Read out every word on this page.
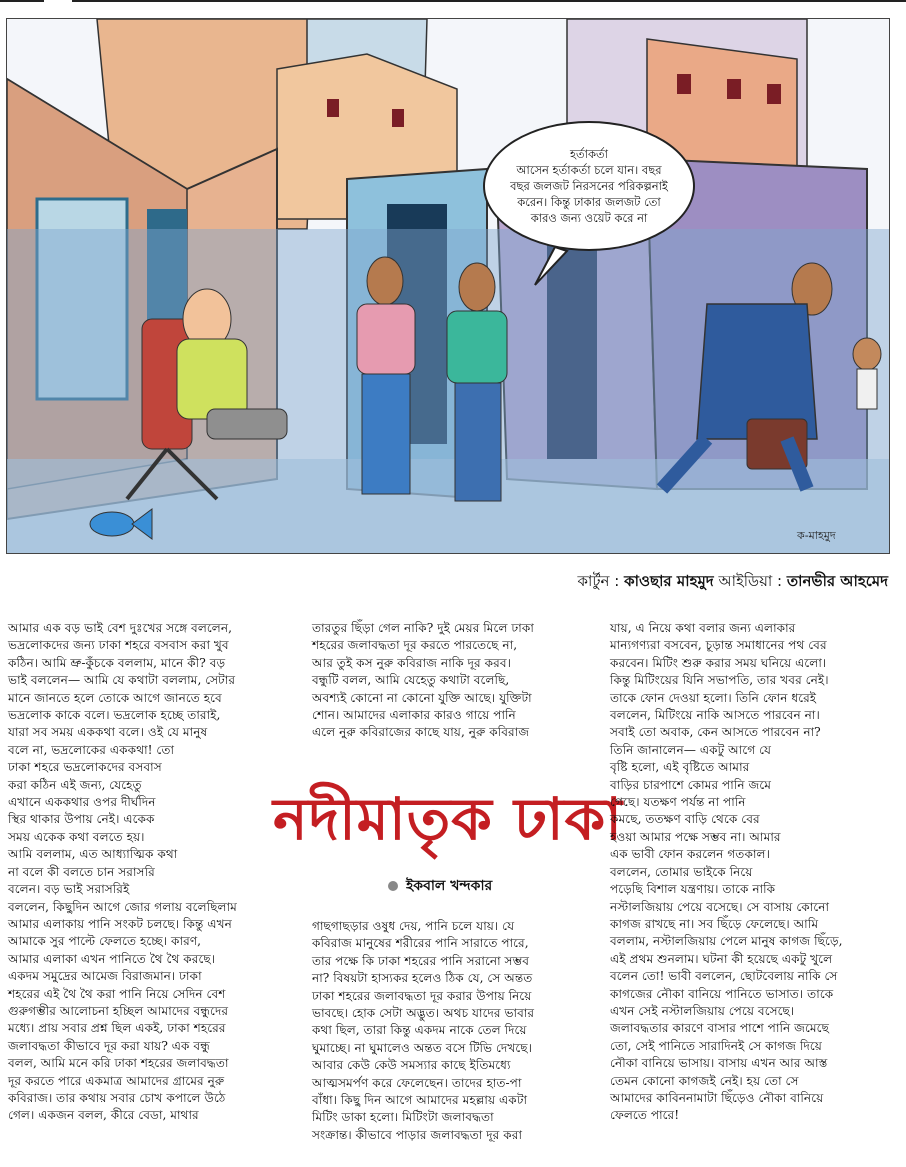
ক-মাহমুদ
হর্তাকর্তা
আসেন হর্তাকর্তা চলে যান। বছর বছর জলজট নিরসনের পরিকল্পনাই করেন। কিন্তু ঢাকার জলজট তো কারও জন্য ওয়েট করে না
কার্টুন : কাওছার মাহমুদ আইডিয়া : তানভীর আহমেদ
আমার এক বড় ভাই বেশ দুঃখের সঙ্গে বললেন,
ভদ্রলোকদের জন্য ঢাকা শহরে বসবাস করা খুব
কঠিন। আমি ভ্রু-কুঁচকে বললাম, মানে কী? বড়
ভাই বললেন— আমি যে কথাটা বললাম, সেটার
মানে জানতে হলে তোকে আগে জানতে হবে
ভদ্রলোক কাকে বলে। ভদ্রলোক হচ্ছে তারাই,
যারা সব সময় এককথা বলে। ওই যে মানুষ
বলে না, ভদ্রলোকের এককথা! তো
ঢাকা শহরে ভদ্রলোকদের বসবাস
করা কঠিন এই জন্য, যেহেতু
এখানে এককথার ওপর দীর্ঘদিন
স্থির থাকার উপায় নেই। একেক
সময় একেক কথা বলতে হয়।
আমি বললাম, এত আধ্যাত্মিক কথা
না বলে কী বলতে চান সরাসরি
বলেন। বড় ভাই সরাসরিই
বললেন, কিছুদিন আগে জোর গলায় বলেছিলাম
আমার এলাকায় পানি সংকট চলছে। কিন্তু এখন
আমাকে সুর পাল্টে ফেলতে হচ্ছে। কারণ,
আমার এলাকা এখন পানিতে থৈ থৈ করছে।
একদম সমুদ্রের আমেজ বিরাজমান। ঢাকা
শহরের এই থৈ থৈ করা পানি নিয়ে সেদিন বেশ
গুরুগম্ভীর আলোচনা হচ্ছিল আমাদের বন্ধুদের
মধ্যে। প্রায় সবার প্রশ্ন ছিল একই, ঢাকা শহরের
জলাবদ্ধতা কীভাবে দূর করা যায়? এক বন্ধু
বলল, আমি মনে করি ঢাকা শহরের জলাবদ্ধতা
দূর করতে পারে একমাত্র আমাদের গ্রামের নুরু
কবিরাজ। তার কথায় সবার চোখ কপালে উঠে
গেল। একজন বলল, কীরে বেডা, মাথার
তারতুর ছিঁড়া গেল নাকি? দুই মেয়র মিলে ঢাকা
শহরের জলাবদ্ধতা দূর করতে পারতেছে না,
আর তুই কস নুরু কবিরাজ নাকি দূর করব।
বন্ধুটি বলল, আমি যেহেতু কথাটা বলেছি,
অবশ্যই কোনো না কোনো যুক্তি আছে। যুক্তিটা
শোন। আমাদের এলাকার কারও গায়ে পানি
এলে নুরু কবিরাজের কাছে যায়, নুরু কবিরাজ
নদীমাতৃক ঢাকা
ইকবাল খন্দকার
গাছগাছড়ার ওষুধ দেয়, পানি চলে যায়। যে
কবিরাজ মানুষের শরীরের পানি সারাতে পারে,
তার পক্ষে কি ঢাকা শহরের পানি সরানো সম্ভব
না? বিষয়টা হাস্যকর হলেও ঠিক যে, সে অন্তত
ঢাকা শহরের জলাবদ্ধতা দূর করার উপায় নিয়ে
ভাবছে। হোক সেটা অদ্ভুত। অথচ যাদের ভাবার
কথা ছিল, তারা কিন্তু একদম নাকে তেল দিয়ে
ঘুমাচ্ছে। না ঘুমালেও অন্তত বসে টিভি দেখছে।
আবার কেউ কেউ সমস্যার কাছে ইতিমধ্যে
আত্মসমর্পণ করে ফেলেছেন। তাদের হাত-পা
বাঁধা। কিছু দিন আগে আমাদের মহল্লায় একটা
মিটিং ডাকা হলো। মিটিংটা জলাবদ্ধতা
সংক্রান্ত। কীভাবে পাড়ার জলাবদ্ধতা দূর করা
যায়, এ নিয়ে কথা বলার জন্য এলাকার
মান্যগণ্যরা বসবেন, চূড়ান্ত সমাধানের পথ বের
করবেন। মিটিং শুরু করার সময় ঘনিয়ে এলো।
কিন্তু মিটিংয়ের যিনি সভাপতি, তার খবর নেই।
তাকে ফোন দেওয়া হলো। তিনি ফোন ধরেই
বললেন, মিটিংয়ে নাকি আসতে পারবেন না।
সবাই তো অবাক, কেন আসতে পারবেন না?
তিনি জানালেন— একটু আগে যে
বৃষ্টি হলো, এই বৃষ্টিতে আমার
বাড়ির চারপাশে কোমর পানি জমে
গেছে। যতক্ষণ পর্যন্ত না পানি
কমছে, ততক্ষণ বাড়ি থেকে বের
হওয়া আমার পক্ষে সম্ভব না। আমার
এক ভাবী ফোন করলেন গতকাল।
বললেন, তোমার ভাইকে নিয়ে
পড়েছি বিশাল যন্ত্রণায়। তাকে নাকি
নস্টালজিয়ায় পেয়ে বসেছে। সে বাসায় কোনো
কাগজ রাখছে না। সব ছিঁড়ে ফেলেছে। আমি
বললাম, নস্টালজিয়ায় পেলে মানুষ কাগজ ছিঁড়ে,
এই প্রথম শুনলাম। ঘটনা কী হয়েছে একটু খুলে
বলেন তো! ভাবী বললেন, ছোটবেলায় নাকি সে
কাগজের নৌকা বানিয়ে পানিতে ভাসাত। তাকে
এখন সেই নস্টালজিয়ায় পেয়ে বসেছে।
জলাবদ্ধতার কারণে বাসার পাশে পানি জমেছে
তো, সেই পানিতে সারাদিনই সে কাগজ দিয়ে
নৌকা বানিয়ে ভাসায়। বাসায় এখন আর আস্ত
তেমন কোনো কাগজই নেই। হয় তো সে
আমাদের কাবিননামাটা ছিঁড়েও নৌকা বানিয়ে
ফেলতে পারে!
